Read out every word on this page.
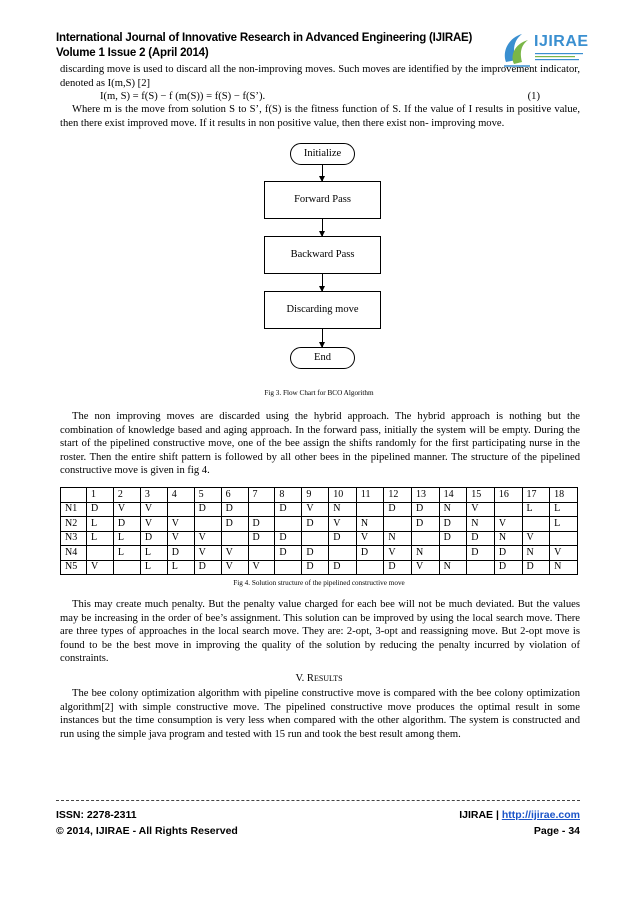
International Journal of Innovative Research in Advanced Engineering (IJIRAE)
Volume 1 Issue 2 (April 2014)
IJIRAE
discarding move is used to discard all the non-improving moves. Such moves are identified by the improvement indicator, denoted as I(m,S) [2]
I(m, S) = f(S) − f (m(S)) = f(S) − f(S’).	(1)
Where m is the move from solution S to S’, f(S) is the fitness function of S. If the value of I results in positive value, then there exist improved move. If it results in non positive value, then there exist non- improving move.
Initialize
Forward Pass
Backward Pass
Discarding move
End
Fig 3. Flow Chart for BCO Algorithm
The non improving moves are discarded using the hybrid approach. The hybrid approach is nothing but the combination of knowledge based and aging approach. In the forward pass, initially the system will be empty. During the start of the pipelined constructive move, one of the bee assign the shifts randomly for the first participating nurse in the roster. Then the entire shift pattern is followed by all other bees in the pipelined manner. The structure of the pipelined constructive move is given in fig 4.
	1	2	3	4	5	6	7	8	9	10	11	12	13	14	15	16	17	18
N1	D	V	V		D	D		D	V	N		D	D	N	V		L	L
N2	L	D	V	V		D	D		D	V	N		D	D	N	V		L
N3	L	L	D	V	V		D	D		D	V	N		D	D	N	V	
N4		L	L	D	V	V		D	D		D	V	N		D	D	N	V
N5	V		L	L	D	V	V		D	D		D	V	N		D	D	N
Fig 4. Solution structure of the pipelined constructive move
This may create much penalty. But the penalty value charged for each bee will not be much deviated. But the values may be increasing in the order of bee’s assignment. This solution can be improved by using the local search move. There are three types of approaches in the local search move. They are: 2-opt, 3-opt and reassigning move. But 2-opt move is found to be the best move in improving the quality of the solution by reducing the penalty incurred by violation of constraints.
V. RESULTS
The bee colony optimization algorithm with pipeline constructive move is compared with the bee colony optimization algorithm[2] with simple constructive move. The pipelined constructive move produces the optimal result in some instances but the time consumption is very less when compared with the other algorithm. The system is constructed and run using the simple java program and tested with 15 run and took the best result among them.
ISSN: 2278-2311	IJIRAE | http://ijirae.com
© 2014, IJIRAE - All Rights Reserved	Page - 34
